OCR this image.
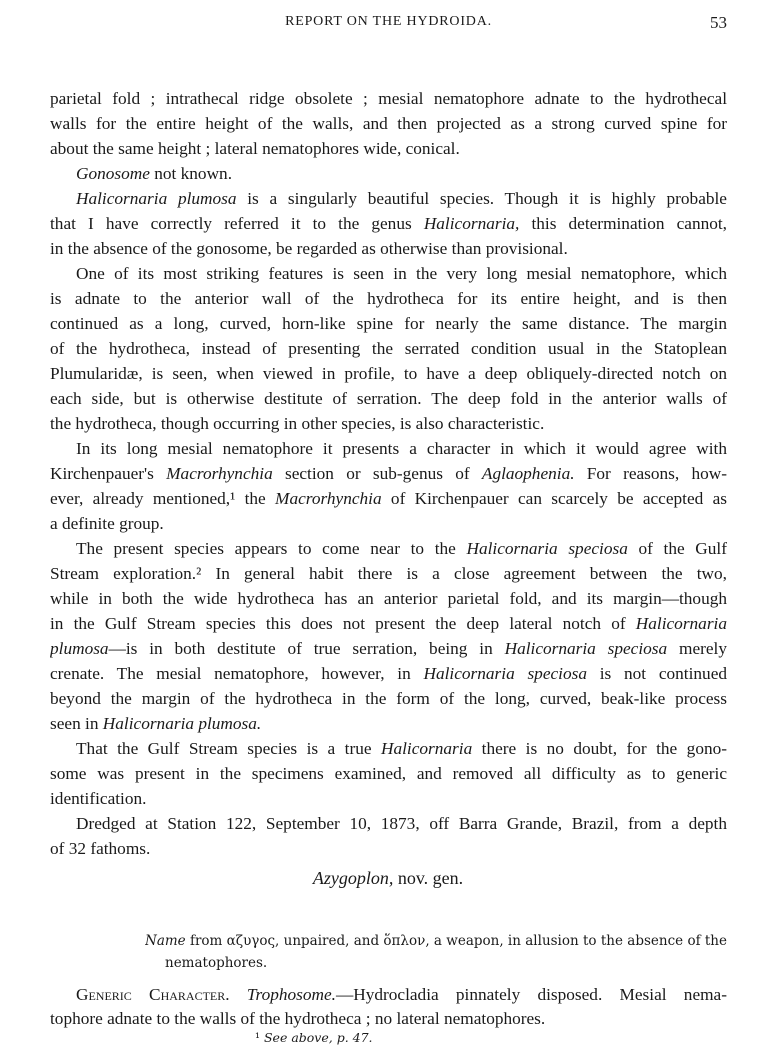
REPORT ON THE HYDROIDA.	53
parietal fold ; intrathecal ridge obsolete ; mesial nematophore adnate to the hydrothecal
walls for the entire height of the walls, and then projected as a strong curved spine for
about the same height ; lateral nematophores wide, conical.
Gonosome not known.
Halicornaria plumosa is a singularly beautiful species. Though it is highly probable
that I have correctly referred it to the genus Halicornaria, this determination cannot,
in the absence of the gonosome, be regarded as otherwise than provisional.
One of its most striking features is seen in the very long mesial nematophore, which
is adnate to the anterior wall of the hydrotheca for its entire height, and is then
continued as a long, curved, horn-like spine for nearly the same distance. The margin
of the hydrotheca, instead of presenting the serrated condition usual in the Statoplean
Plumularidæ, is seen, when viewed in profile, to have a deep obliquely-directed notch on
each side, but is otherwise destitute of serration. The deep fold in the anterior walls of
the hydrotheca, though occurring in other species, is also characteristic.
In its long mesial nematophore it presents a character in which it would agree with
Kirchenpauer's Macrorhynchia section or sub-genus of Aglaophenia. For reasons, how-
ever, already mentioned,¹ the Macrorhynchia of Kirchenpauer can scarcely be accepted as
a definite group.
The present species appears to come near to the Halicornaria speciosa of the Gulf
Stream exploration.² In general habit there is a close agreement between the two,
while in both the wide hydrotheca has an anterior parietal fold, and its margin—though
in the Gulf Stream species this does not present the deep lateral notch of Halicornaria
plumosa—is in both destitute of true serration, being in Halicornaria speciosa merely
crenate. The mesial nematophore, however, in Halicornaria speciosa is not continued
beyond the margin of the hydrotheca in the form of the long, curved, beak-like process
seen in Halicornaria plumosa.
That the Gulf Stream species is a true Halicornaria there is no doubt, for the gono-
some was present in the specimens examined, and removed all difficulty as to generic
identification.
Dredged at Station 122, September 10, 1873, off Barra Grande, Brazil, from a depth
of 32 fathoms.
Azygoplon, nov. gen.
Name from αζυγος, unpaired, and ὅπλον, a weapon, in allusion to the absence of the
nematophores.
Generic Character. Trophosome.—Hydrocladia pinnately disposed. Mesial nema-
tophore adnate to the walls of the hydrotheca ; no lateral nematophores.
¹ See above, p. 47.
